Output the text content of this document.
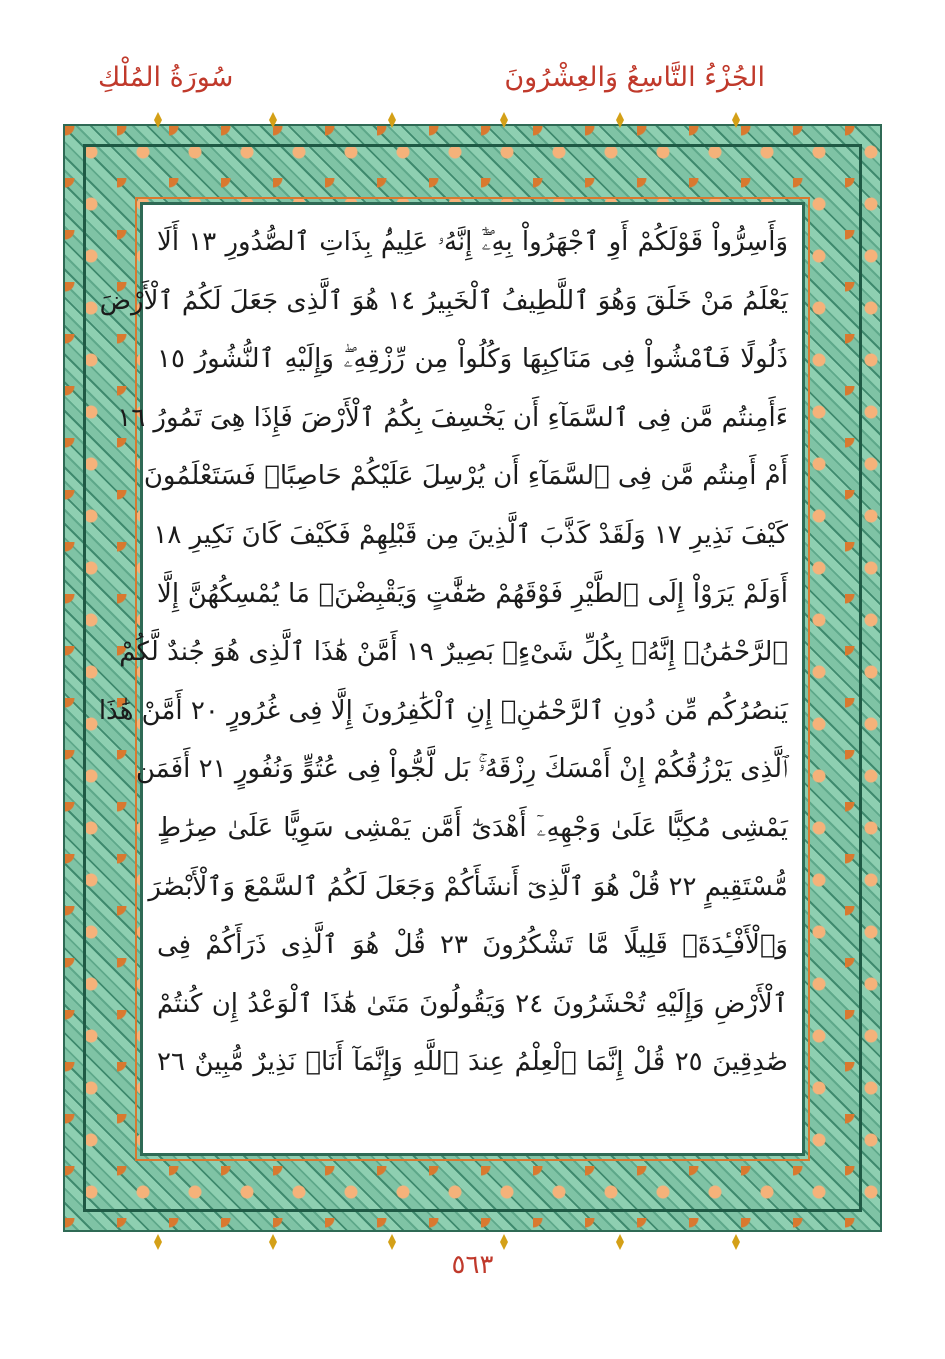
الجُزْءُ التَّاسِعُ وَالعِشْرُونَ
سُورَةُ المُلْكِ
وَأَسِرُّواْ قَوْلَكُمْ أَوِ ٱجْهَرُواْ بِهِۦٓۖ إِنَّهُۥ عَلِيمُۢ بِذَاتِ ٱلصُّدُورِ ١٣ أَلَا
يَعْلَمُ مَنْ خَلَقَ وَهُوَ ٱللَّطِيفُ ٱلْخَبِيرُ ١٤ هُوَ ٱلَّذِى جَعَلَ لَكُمُ ٱلْأَرْضَ
ذَلُولًا فَٱمْشُواْ فِى مَنَاكِبِهَا وَكُلُواْ مِن رِّزْقِهِۦۖ وَإِلَيْهِ ٱلنُّشُورُ ١٥
ءَأَمِنتُم مَّن فِى ٱلسَّمَآءِ أَن يَخْسِفَ بِكُمُ ٱلْأَرْضَ فَإِذَا هِىَ تَمُورُ ١٦
أَمْ أَمِنتُم مَّن فِى ٱلسَّمَآءِ أَن يُرْسِلَ عَلَيْكُمْ حَاصِبًاۖ فَسَتَعْلَمُونَ
كَيْفَ نَذِيرِ ١٧ وَلَقَدْ كَذَّبَ ٱلَّذِينَ مِن قَبْلِهِمْ فَكَيْفَ كَانَ نَكِيرِ ١٨
أَوَلَمْ يَرَوْاْ إِلَى ٱلطَّيْرِ فَوْقَهُمْ صَٰٓفَّٰتٍ وَيَقْبِضْنَۚ مَا يُمْسِكُهُنَّ إِلَّا
ٱلرَّحْمَٰنُۚ إِنَّهُۥ بِكُلِّ شَىْءٍۭ بَصِيرٌ ١٩ أَمَّنْ هَٰذَا ٱلَّذِى هُوَ جُندٌ لَّكُمْ
يَنصُرُكُم مِّن دُونِ ٱلرَّحْمَٰنِۚ إِنِ ٱلْكَٰفِرُونَ إِلَّا فِى غُرُورٍ ٢٠ أَمَّنْ هَٰذَا
ٱلَّذِى يَرْزُقُكُمْ إِنْ أَمْسَكَ رِزْقَهُۥۚ بَل لَّجُّواْ فِى عُتُوٍّ وَنُفُورٍ ٢١ أَفَمَن
يَمْشِى مُكِبًّا عَلَىٰ وَجْهِهِۦٓ أَهْدَىٰٓ أَمَّن يَمْشِى سَوِيًّا عَلَىٰ صِرَٰطٍ
مُّسْتَقِيمٍ ٢٢ قُلْ هُوَ ٱلَّذِىٓ أَنشَأَكُمْ وَجَعَلَ لَكُمُ ٱلسَّمْعَ وَٱلْأَبْصَٰرَ
وَٱلْأَفْـِٔدَةَۚ قَلِيلًا مَّا تَشْكُرُونَ ٢٣ قُلْ هُوَ ٱلَّذِى ذَرَأَكُمْ فِى
ٱلْأَرْضِ وَإِلَيْهِ تُحْشَرُونَ ٢٤ وَيَقُولُونَ مَتَىٰ هَٰذَا ٱلْوَعْدُ إِن كُنتُمْ
صَٰدِقِينَ ٢٥ قُلْ إِنَّمَا ٱلْعِلْمُ عِندَ ٱللَّهِ وَإِنَّمَآ أَنَا۠ نَذِيرٌ مُّبِينٌ ٢٦
٥٦٣
